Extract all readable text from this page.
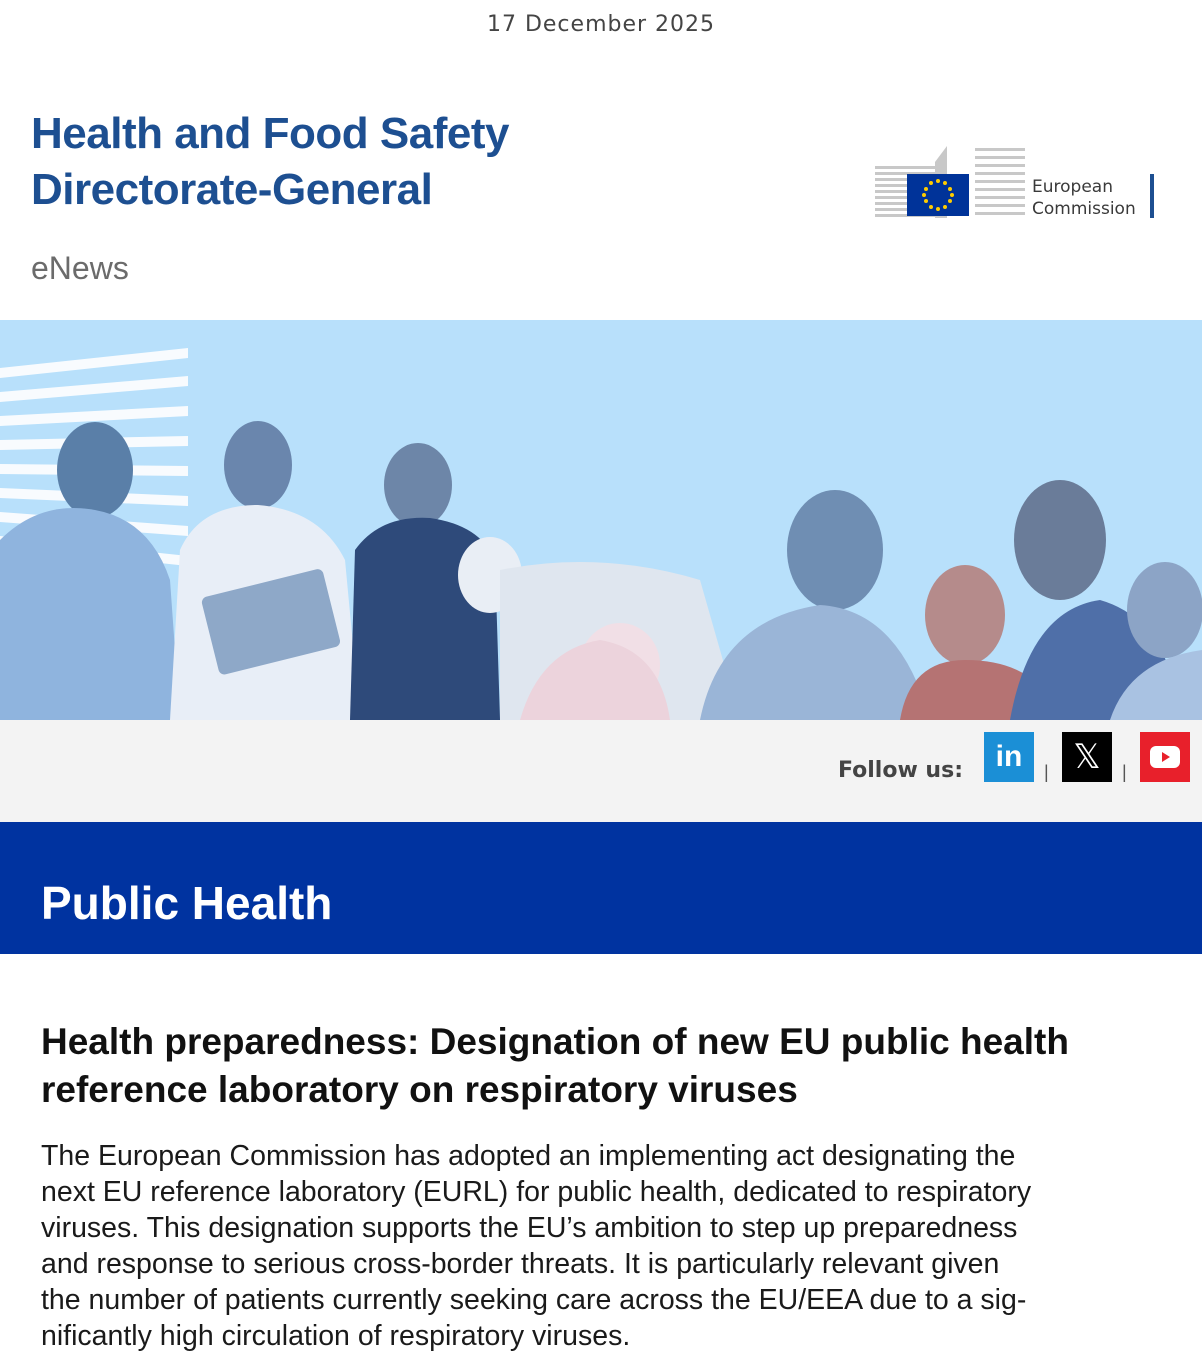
17 December 2025
Health and Food Safety
Directorate-General
eNews
European
Commission
Follow us: in | 𝕏 |
Public Health
Health preparedness: Designation of new EU public health
reference laboratory on respiratory viruses
The European Commission has adopted an implementing act designating the
next EU reference laboratory (EURL) for public health, dedicated to respiratory
viruses. This designation supports the EU’s ambition to step up preparedness
and response to serious cross-border threats. It is particularly relevant given
the number of patients currently seeking care across the EU/EEA due to a sig-
nificantly high circulation of respiratory viruses.
